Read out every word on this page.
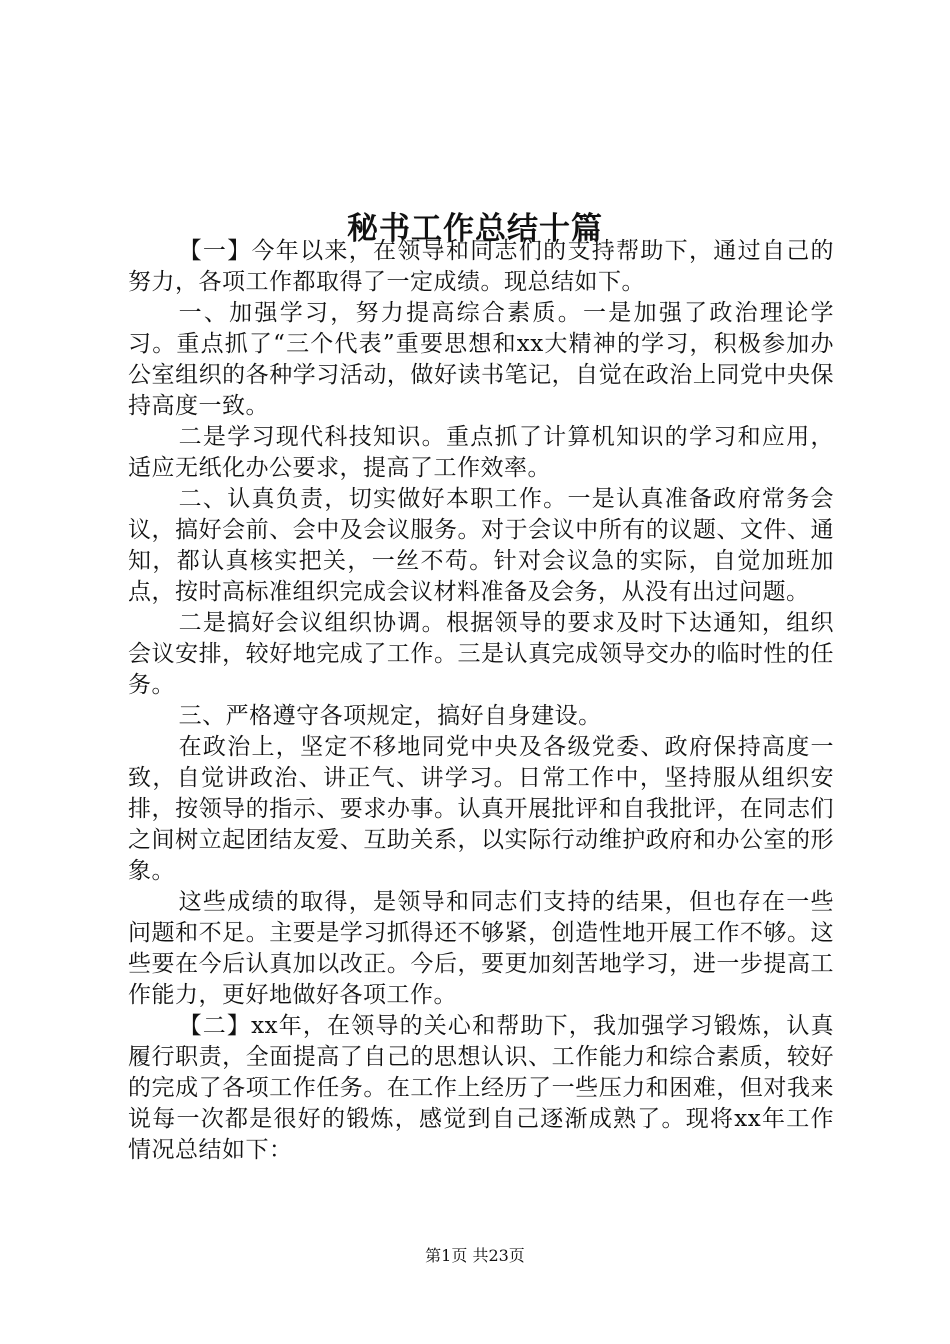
秘书工作总结十篇

【一】今年以来，在领导和同志们的支持帮助下，通过自己的努力，各项工作都取得了一定成绩。现总结如下。

一、加强学习，努力提高综合素质。一是加强了政治理论学习。重点抓了“三个代表”重要思想和xx大精神的学习，积极参加办公室组织的各种学习活动，做好读书笔记，自觉在政治上同党中央保持高度一致。

二是学习现代科技知识。重点抓了计算机知识的学习和应用，适应无纸化办公要求，提高了工作效率。

二、认真负责，切实做好本职工作。一是认真准备政府常务会议，搞好会前、会中及会议服务。对于会议中所有的议题、文件、通知，都认真核实把关，一丝不苟。针对会议急的实际，自觉加班加点，按时高标准组织完成会议材料准备及会务，从没有出过问题。

二是搞好会议组织协调。根据领导的要求及时下达通知，组织会议安排，较好地完成了工作。三是认真完成领导交办的临时性的任务。

三、严格遵守各项规定，搞好自身建设。

在政治上，坚定不移地同党中央及各级党委、政府保持高度一致，自觉讲政治、讲正气、讲学习。日常工作中，坚持服从组织安排，按领导的指示、要求办事。认真开展批评和自我批评，在同志们之间树立起团结友爱、互助关系，以实际行动维护政府和办公室的形象。

这些成绩的取得，是领导和同志们支持的结果，但也存在一些问题和不足。主要是学习抓得还不够紧，创造性地开展工作不够。这些要在今后认真加以改正。今后，要更加刻苦地学习，进一步提高工作能力，更好地做好各项工作。

【二】xx年，在领导的关心和帮助下，我加强学习锻炼，认真履行职责，全面提高了自己的思想认识、工作能力和综合素质，较好的完成了各项工作任务。在工作上经历了一些压力和困难，但对我来说每一次都是很好的锻炼，感觉到自己逐渐成熟了。现将xx年工作情况总结如下：

第1页 共23页
